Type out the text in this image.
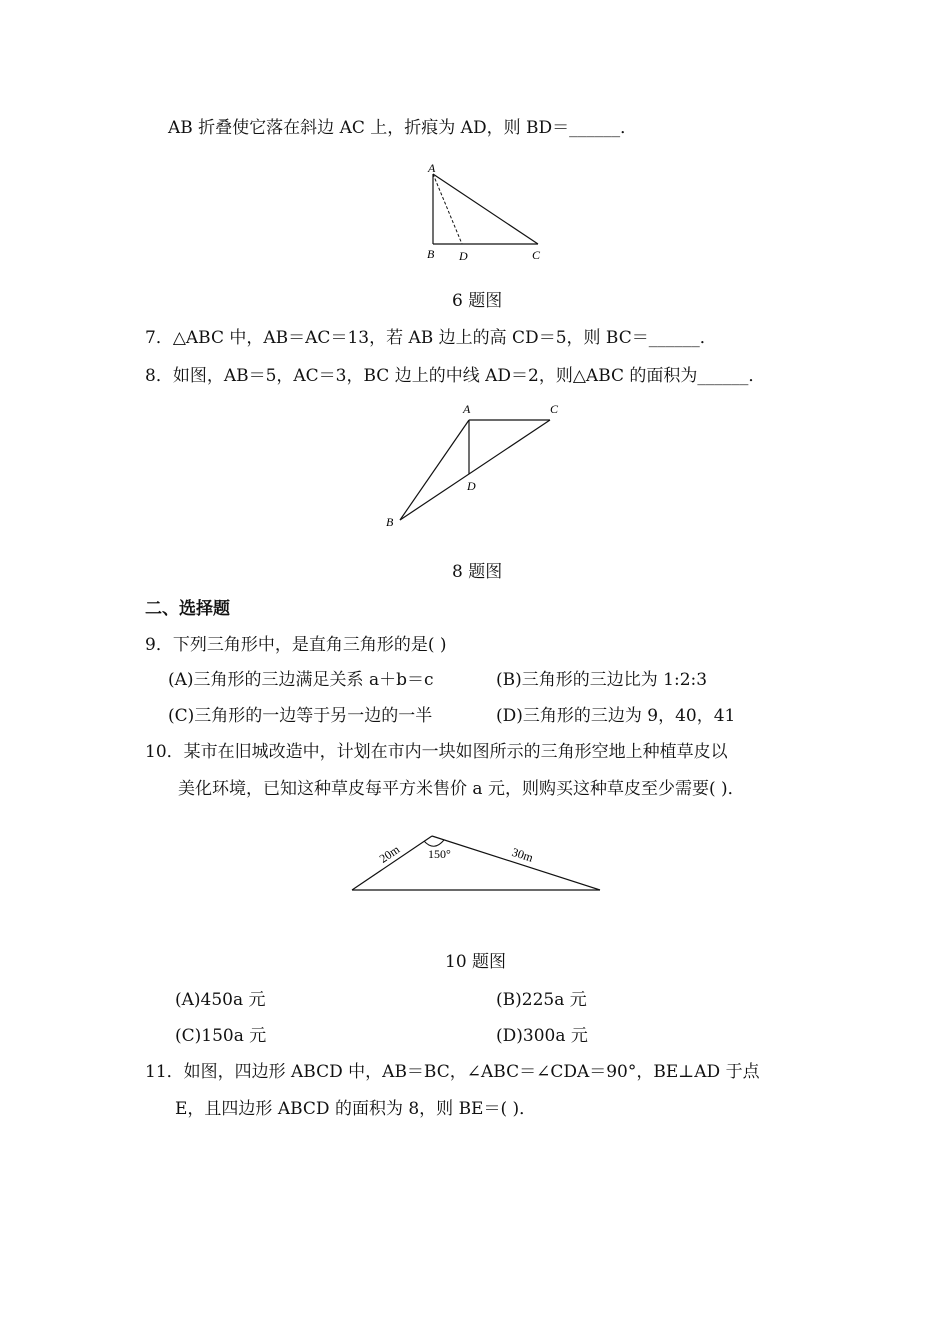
AB 折叠使它落在斜边 AC 上，折痕为 AD，则 BD＝______．
A
B D	C
6 题图
7．△ABC 中，AB＝AC＝13，若 AB 边上的高 CD＝5，则 BC＝______．
8．如图，AB＝5，AC＝3，BC 边上的中线 AD＝2，则△ABC 的面积为______．
A	C
D
B
8 题图
二、选择题
9．下列三角形中，是直角三角形的是( )
(A)三角形的三边满足关系 a＋b＝c	(B)三角形的三边比为 1:2:3
(C)三角形的一边等于另一边的一半	(D)三角形的三边为 9，40，41
10．某市在旧城改造中，计划在市内一块如图所示的三角形空地上种植草皮以
美化环境，已知这种草皮每平方米售价 a 元，则购买这种草皮至少需要( )．
150°
20m	30m
10 题图
(A)450a 元	(B)225a 元
(C)150a 元	(D)300a 元
11．如图，四边形 ABCD 中，AB＝BC，∠ABC＝∠CDA＝90°，BE⊥AD 于点
E，且四边形 ABCD 的面积为 8，则 BE＝( )．
